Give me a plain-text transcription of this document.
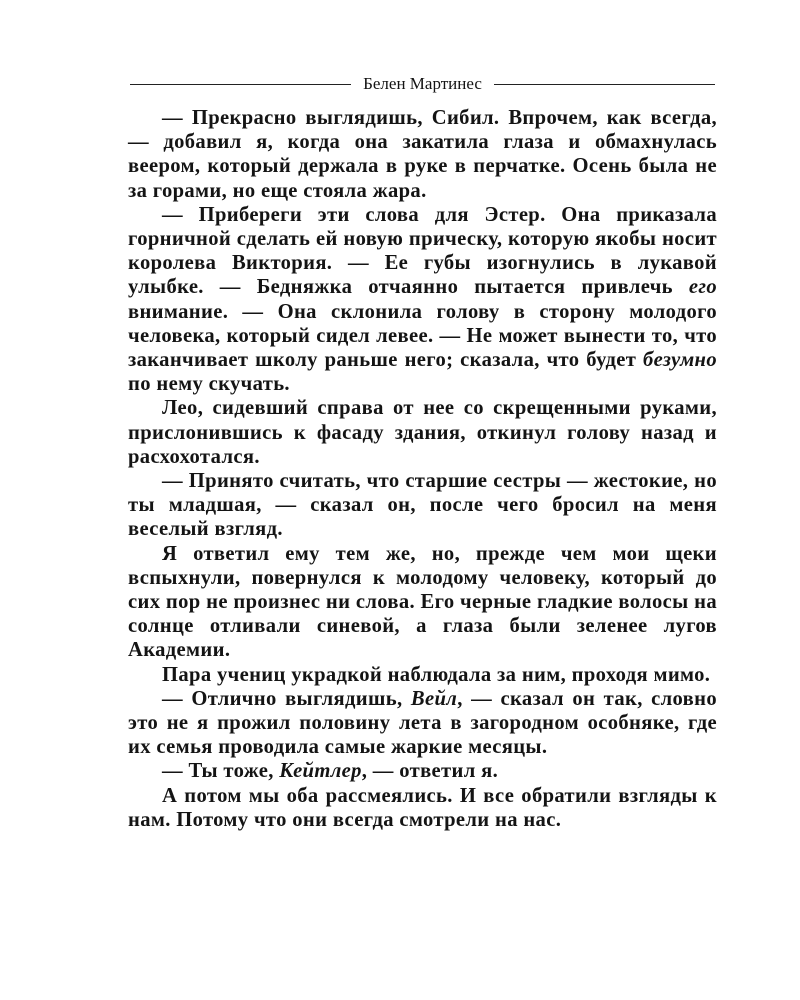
Белен Мартинес

— Прекрасно выглядишь, Сибил. Впрочем, как всегда, — добавил я, когда она закатила глаза и обмахнулась веером, который держала в руке в перчатке. Осень была не за горами, но еще стояла жара.

— Прибереги эти слова для Эстер. Она приказала горничной сделать ей новую прическу, которую якобы носит королева Виктория. — Ее губы изогнулись в лукавой улыбке. — Бедняжка отчаянно пытается привлечь его внимание. — Она склонила голову в сторону молодого человека, который сидел левее. — Не может вынести то, что заканчивает школу раньше него; сказала, что будет безумно по нему скучать.

Лео, сидевший справа от нее со скрещенными руками, прислонившись к фасаду здания, откинул голову назад и расхохотался.

— Принято считать, что старшие сестры — жестокие, но ты младшая, — сказал он, после чего бросил на меня веселый взгляд.

Я ответил ему тем же, но, прежде чем мои щеки вспыхнули, повернулся к молодому человеку, который до сих пор не произнес ни слова. Его черные гладкие волосы на солнце отливали синевой, а глаза были зеленее лугов Академии.

Пара учениц украдкой наблюдала за ним, проходя мимо.

— Отлично выглядишь, Вейл, — сказал он так, словно это не я прожил половину лета в загородном особняке, где их семья проводила самые жаркие месяцы.

— Ты тоже, Кейтлер, — ответил я.

А потом мы оба рассмеялись. И все обратили взгляды к нам. Потому что они всегда смотрели на нас.
